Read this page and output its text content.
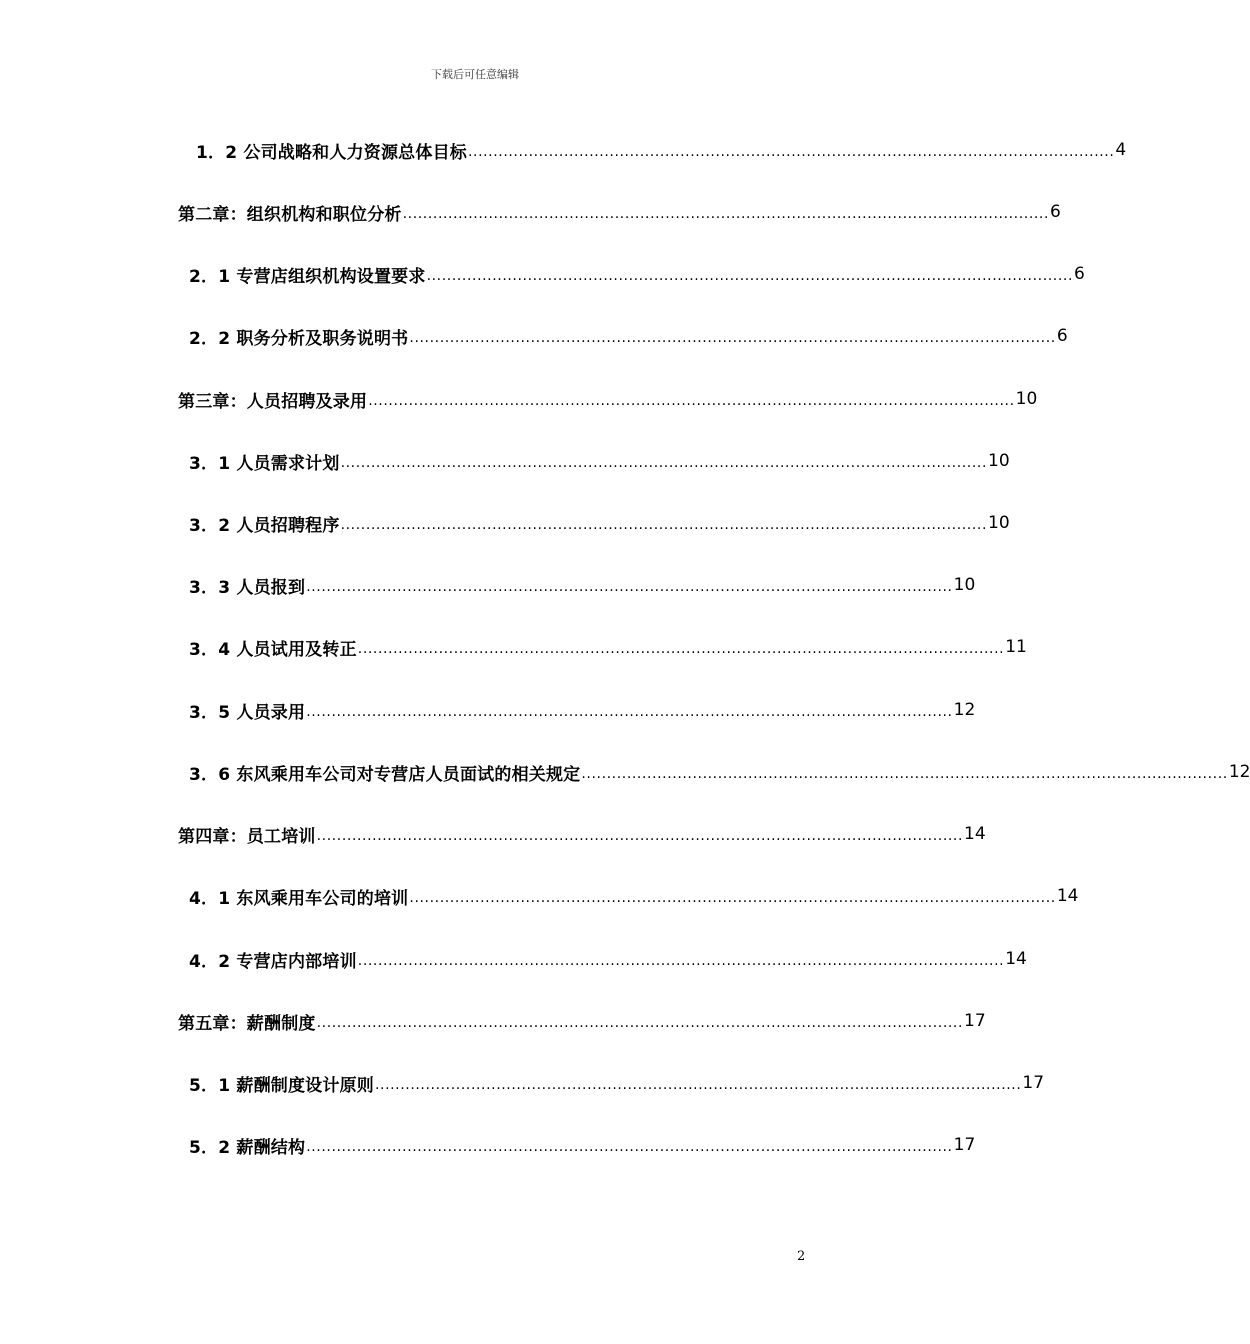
下载后可任意编辑
1．2 公司战略和人力资源总体目标 ................................................................................................................................ 4
第二章：组织机构和职位分析 ................................................................................................................................ 6
2．1 专营店组织机构设置要求 ................................................................................................................................ 6
2．2 职务分析及职务说明书 ................................................................................................................................ 6
第三章：人员招聘及录用 ................................................................................................................................ 10
3．1 人员需求计划 ................................................................................................................................ 10
3．2 人员招聘程序 ................................................................................................................................ 10
3．3 人员报到 ................................................................................................................................ 10
3．4 人员试用及转正 ................................................................................................................................ 11
3．5 人员录用 ................................................................................................................................ 12
3．6 东风乘用车公司对专营店人员面试的相关规定 ................................................................................................................................ 12
第四章：员工培训 ................................................................................................................................ 14
4．1 东风乘用车公司的培训 ................................................................................................................................ 14
4．2 专营店内部培训 ................................................................................................................................ 14
第五章：薪酬制度 ................................................................................................................................ 17
5．1 薪酬制度设计原则 ................................................................................................................................ 17
5．2 薪酬结构 ................................................................................................................................ 17
2
